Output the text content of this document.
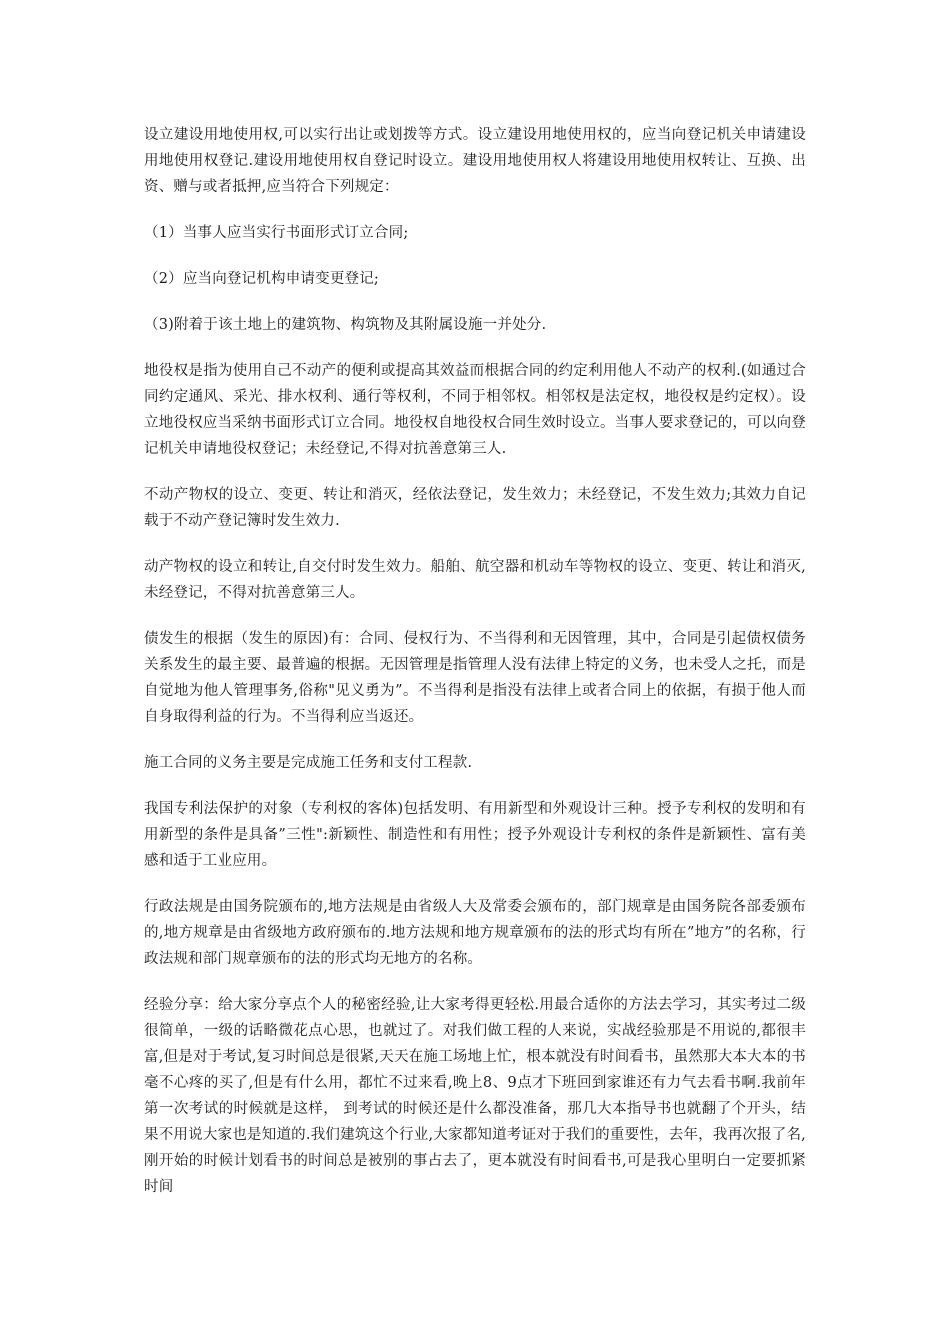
设立建设用地使用权,可以实行出让或划拨等方式。设立建设用地使用权的，应当向登记机关申请建设用地使用权登记.建设用地使用权自登记时设立。建设用地使用权人将建设用地使用权转让、互换、出资、赠与或者抵押,应当符合下列规定：

（1）当事人应当实行书面形式订立合同;

（2）应当向登记机构申请变更登记;

（3)附着于该土地上的建筑物、构筑物及其附属设施一并处分.

地役权是指为使用自己不动产的便利或提高其效益而根据合同的约定利用他人不动产的权利.(如通过合同约定通风、采光、排水权利、通行等权利，不同于相邻权。相邻权是法定权，地役权是约定权）。设立地役权应当采纳书面形式订立合同。地役权自地役权合同生效时设立。当事人要求登记的，可以向登记机关申请地役权登记；未经登记,不得对抗善意第三人.

不动产物权的设立、变更、转让和消灭，经依法登记，发生效力；未经登记，不发生效力;其效力自记载于不动产登记簿时发生效力.

动产物权的设立和转让,自交付时发生效力。船舶、航空器和机动车等物权的设立、变更、转让和消灭,未经登记，不得对抗善意第三人。

债发生的根据（发生的原因)有：合同、侵权行为、不当得利和无因管理，其中，合同是引起债权债务关系发生的最主要、最普遍的根据。无因管理是指管理人没有法律上特定的义务，也未受人之托，而是自觉地为他人管理事务,俗称"见义勇为”。不当得利是指没有法律上或者合同上的依据，有损于他人而自身取得利益的行为。不当得利应当返还。

施工合同的义务主要是完成施工任务和支付工程款.

我国专利法保护的对象（专利权的客体)包括发明、有用新型和外观设计三种。授予专利权的发明和有用新型的条件是具备”三性":新颖性、制造性和有用性；授予外观设计专利权的条件是新颖性、富有美感和适于工业应用。

行政法规是由国务院颁布的,地方法规是由省级人大及常委会颁布的，部门规章是由国务院各部委颁布的,地方规章是由省级地方政府颁布的.地方法规和地方规章颁布的法的形式均有所在”地方”的名称，行政法规和部门规章颁布的法的形式均无地方的名称。

经验分享：给大家分享点个人的秘密经验,让大家考得更轻松.用最合适你的方法去学习，其实考过二级很简单，一级的话略微花点心思，也就过了。对我们做工程的人来说，实战经验那是不用说的,都很丰富,但是对于考试,复习时间总是很紧,天天在施工场地上忙，根本就没有时间看书，虽然那大本大本的书毫不心疼的买了,但是有什么用，都忙不过来看,晚上8、9点才下班回到家谁还有力气去看书啊.我前年第一次考试的时候就是这样， 到考试的时候还是什么都没准备，那几大本指导书也就翻了个开头，结果不用说大家也是知道的.我们建筑这个行业,大家都知道考证对于我们的重要性，去年，我再次报了名,刚开始的时候计划看书的时间总是被别的事占去了，更本就没有时间看书,可是我心里明白一定要抓紧时间
